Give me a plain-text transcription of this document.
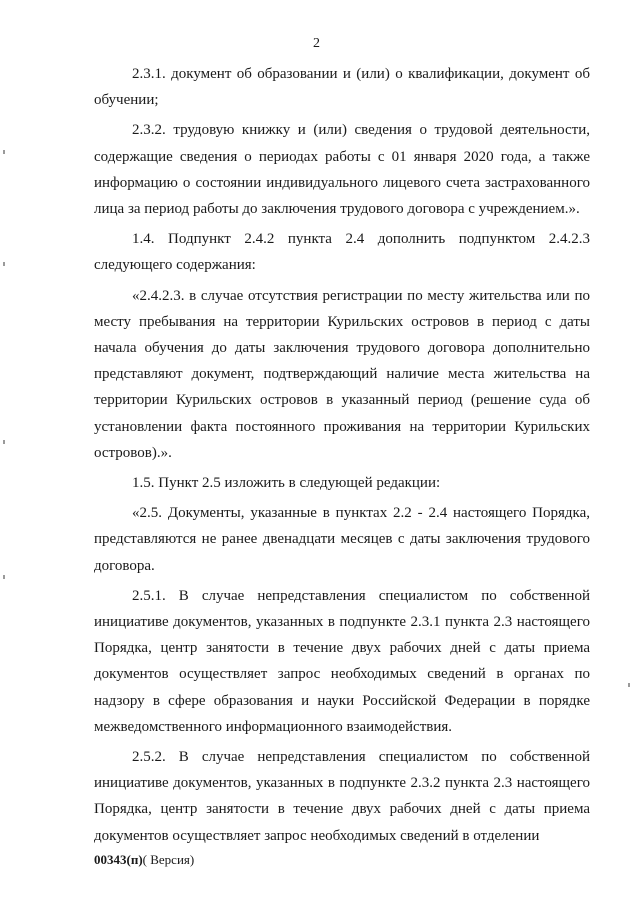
2

2.3.1. документ об образовании и (или) о квалификации, документ об обучении;

2.3.2. трудовую книжку и (или) сведения о трудовой деятельности, содержащие сведения о периодах работы с 01 января 2020 года, а также информацию о состоянии индивидуального лицевого счета застрахованного лица за период работы до заключения трудового договора с учреждением.».

1.4. Подпункт 2.4.2 пункта 2.4 дополнить подпунктом 2.4.2.3 следующего содержания:

«2.4.2.3. в случае отсутствия регистрации по месту жительства или по месту пребывания на территории Курильских островов в период с даты начала обучения до даты заключения трудового договора дополнительно представляют документ, подтверждающий наличие места жительства на территории Курильских островов в указанный период (решение суда об установлении факта постоянного проживания на территории Курильских островов).».

1.5. Пункт 2.5 изложить в следующей редакции:

«2.5. Документы, указанные в пунктах 2.2 - 2.4 настоящего Порядка, представляются не ранее двенадцати месяцев с даты заключения трудового договора.

2.5.1. В случае непредставления специалистом по собственной инициативе документов, указанных в подпункте 2.3.1 пункта 2.3 настоящего Порядка, центр занятости в течение двух рабочих дней с даты приема документов осуществляет запрос необходимых сведений в органах по надзору в сфере образования и науки Российской Федерации в порядке межведомственного информационного взаимодействия.

2.5.2. В случае непредставления специалистом по собственной инициативе документов, указанных в подпункте 2.3.2 пункта 2.3 настоящего Порядка, центр занятости в течение двух рабочих дней с даты приема документов осуществляет запрос необходимых сведений в отделении

00343(п)( Версия)
